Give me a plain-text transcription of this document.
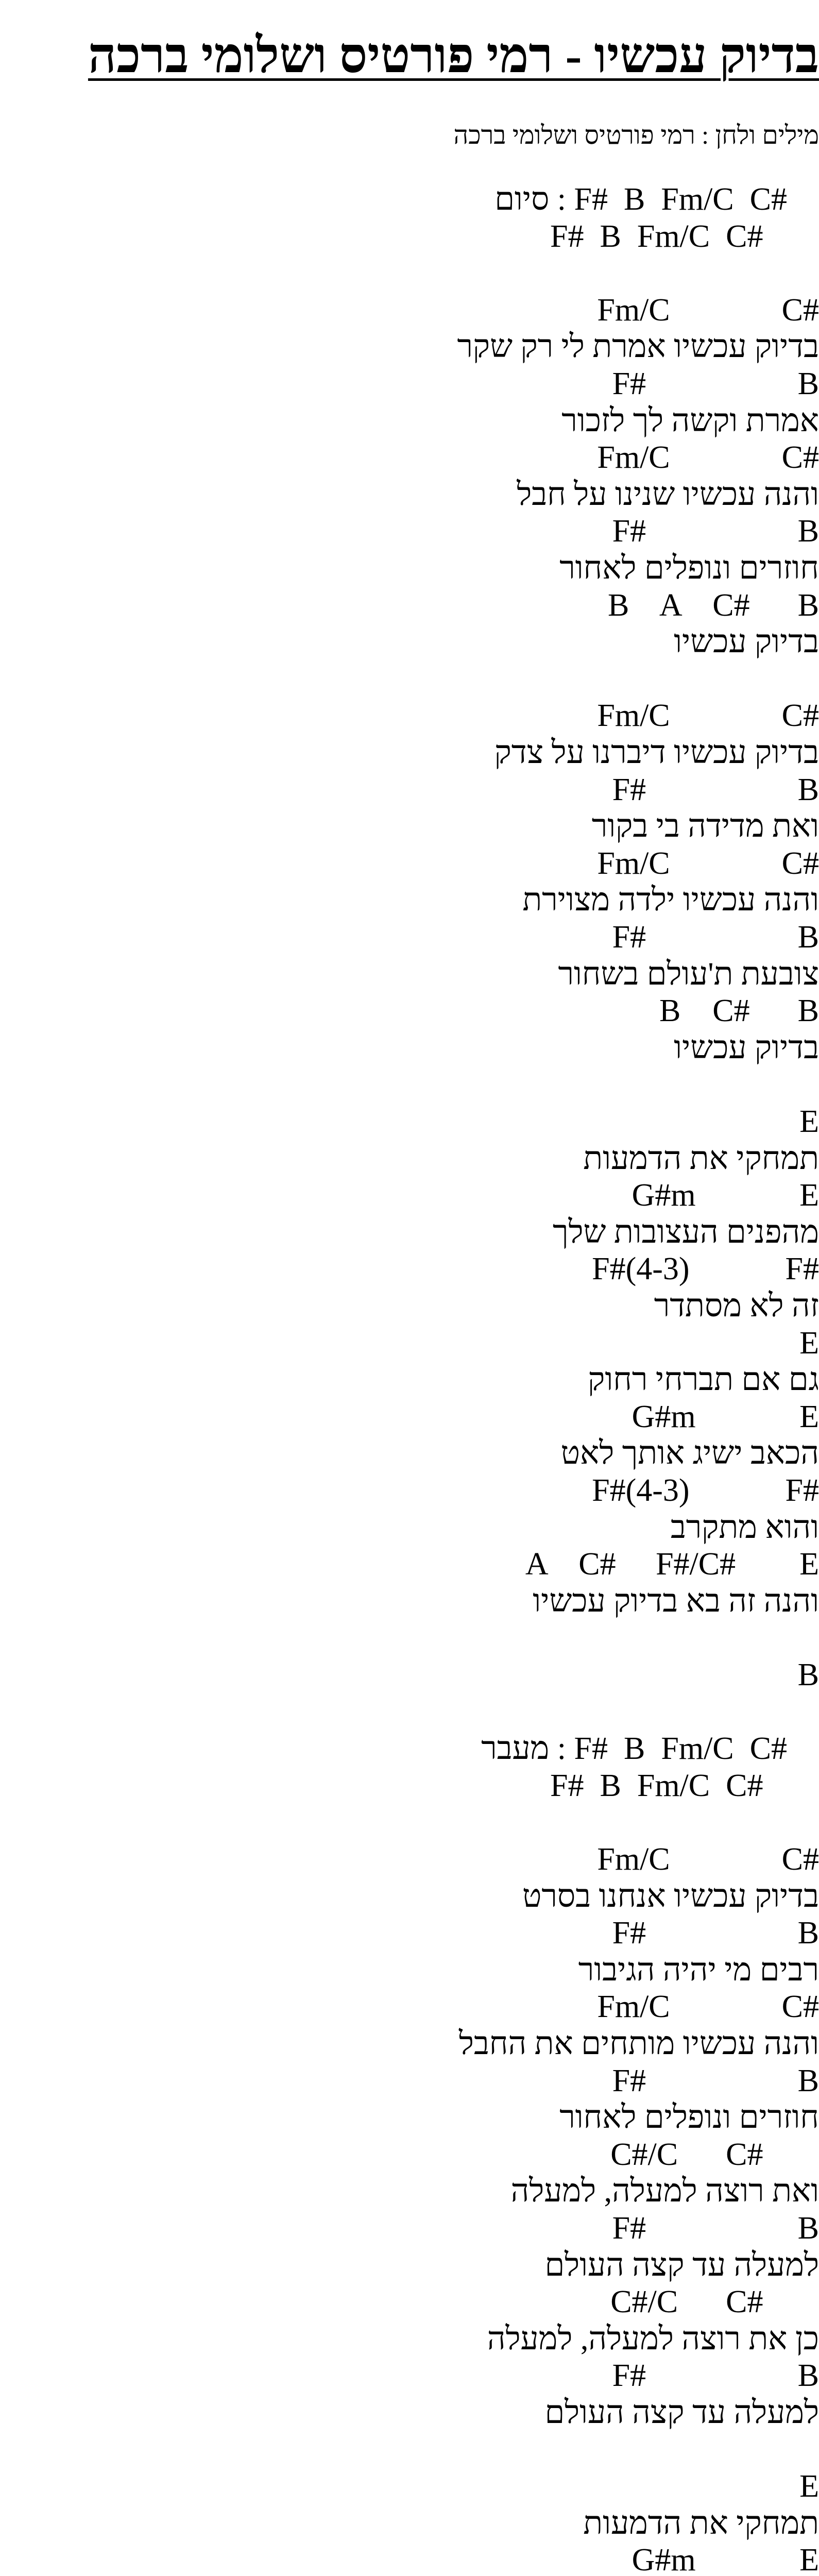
בדיוק עכשיו - רמי פורטיס ושלומי ברכה
מילים ולחן : רמי פורטיס ושלומי ברכה
סיום : F#  B  Fm/C  C#
F#  B  Fm/C  C#
Fm/C              C#
בדיוק עכשיו אמרת לי רק שקר
F#                   B
אמרת וקשה לך לזכור
Fm/C              C#
והנה עכשיו שנינו על חבל
F#                   B
חוזרים ונופלים לאחור
B    A    C#      B
בדיוק עכשיו
Fm/C              C#
בדיוק עכשיו דיברנו על צדק
F#                   B
ואת מדידה בי בקור
Fm/C              C#
והנה עכשיו ילדה מצוירת
F#                   B
צובעת ת'עולם בשחור
B    C#      B
בדיוק עכשיו
E
תמחקי את הדמעות
G#m             E
מהפנים העצובות שלך
F#(4-3)            F#
זה לא מסתדר
E
גם אם תברחי רחוק
G#m             E
הכאב ישיג אותך לאט
F#(4-3)            F#
והוא מתקרב
A    C#     F#/C#        E
והנה זה בא בדיוק עכשיו
B
מעבר : F#  B  Fm/C  C#
F#  B  Fm/C  C#
Fm/C              C#
בדיוק עכשיו אנחנו בסרט
F#                   B
רבים מי יהיה הגיבור
Fm/C              C#
והנה עכשיו מותחים את החבל
F#                   B
חוזרים ונופלים לאחור
C#/C      C#
ואת רוצה למעלה, למעלה
F#                   B
למעלה עד קצה העולם
C#/C      C#
כן את רוצה למעלה, למעלה
F#                   B
למעלה עד קצה העולם
E
תמחקי את הדמעות
G#m             E
